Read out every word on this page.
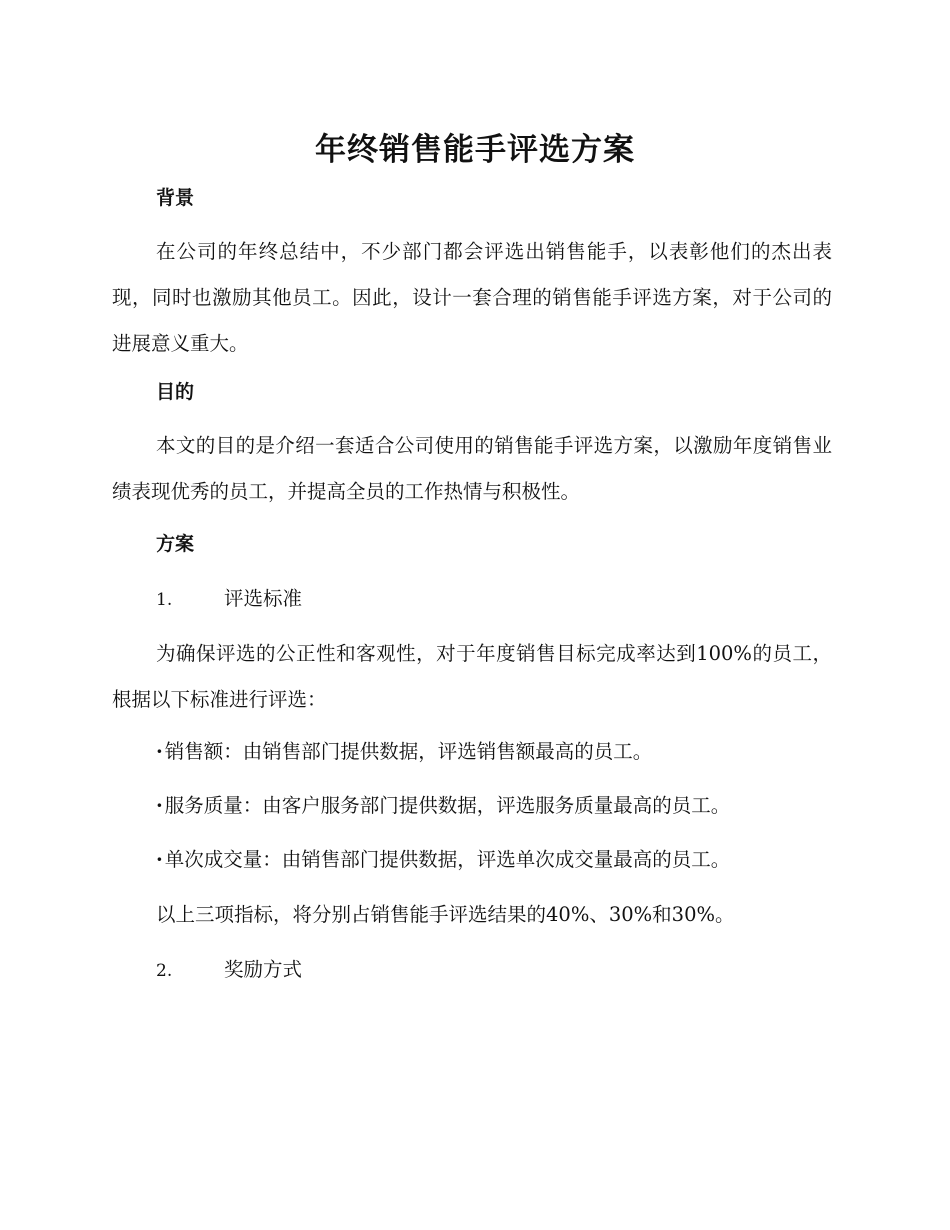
年终销售能手评选方案
背景

在公司的年终总结中，不少部门都会评选出销售能手，以表彰他们的杰出表现，同时也激励其他员工。因此，设计一套合理的销售能手评选方案，对于公司的进展意义重大。

目的

本文的目的是介绍一套适合公司使用的销售能手评选方案，以激励年度销售业绩表现优秀的员工，并提高全员的工作热情与积极性。

方案

1.	评选标准

为确保评选的公正性和客观性，对于年度销售目标完成率达到100%的员工，根据以下标准进行评选：

· 销售额：由销售部门提供数据，评选销售额最高的员工。

· 服务质量：由客户服务部门提供数据，评选服务质量最高的员工。

· 单次成交量：由销售部门提供数据，评选单次成交量最高的员工。

以上三项指标，将分别占销售能手评选结果的40%、30%和30%。

2.	奖励方式
